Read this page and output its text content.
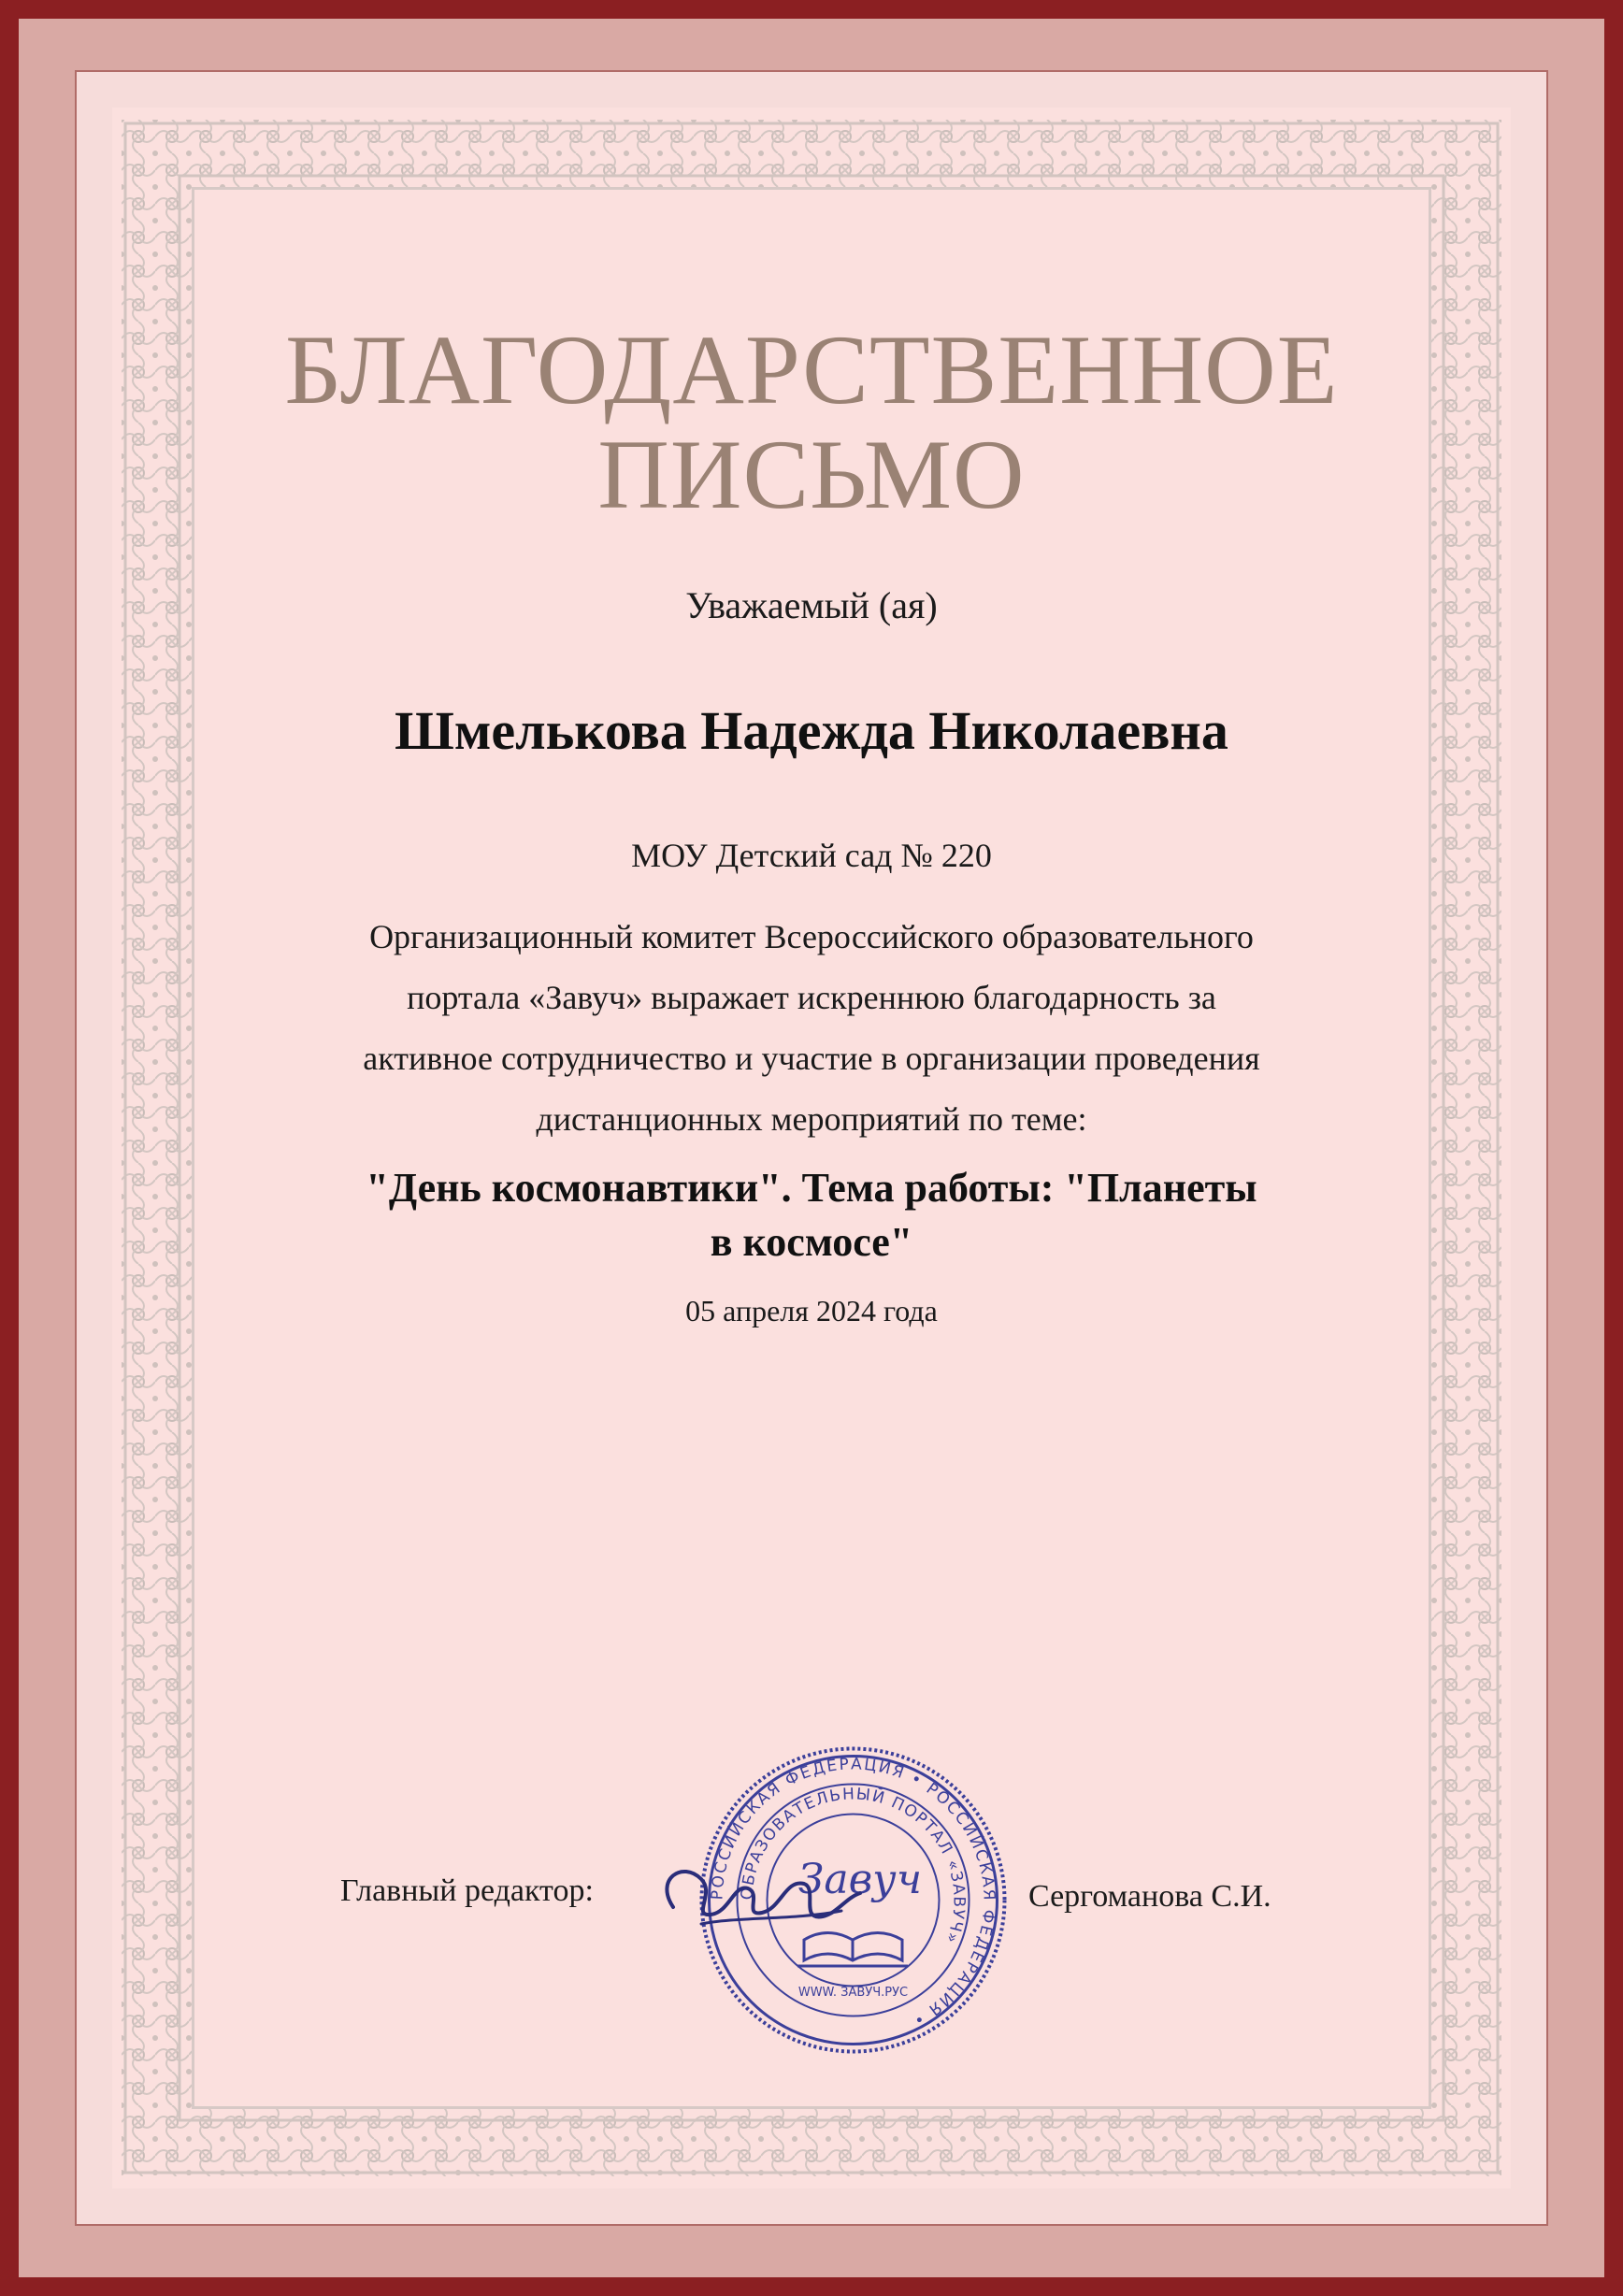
БЛАГОДАРСТВЕННОЕ
ПИСЬМО
Уважаемый (ая)
Шмелькова Надежда Николаевна
МОУ Детский сад № 220
Организационный комитет Всероссийского образовательного
портала «Завуч» выражает искреннюю благодарность за
активное сотрудничество и участие в организации проведения
дистанционных мероприятий по теме:
"День космонавтики". Тема работы: "Планеты
в космосе"
05 апреля 2024 года
Главный редактор:	Сергоманова С.И.
РОССИЙСКАЯ ФЕДЕРАЦИЯ • РОССИЙСКАЯ ФЕДЕРАЦИЯ •
ОБРАЗОВАТЕЛЬНЫЙ ПОРТАЛ «ЗАВУЧ»
Завуч
WWW. ЗАВУЧ.РУС
